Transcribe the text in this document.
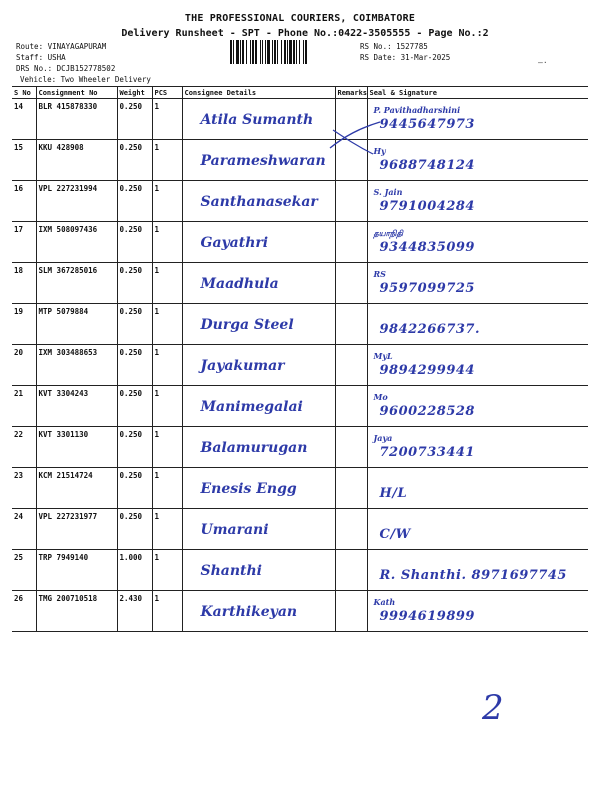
THE PROFESSIONAL COURIERS, COIMBATORE
Delivery Runsheet - SPT - Phone No.:0422-3505555 - Page No.:2
Route: VINAYAGAPURAM
Staff: USHA
DRS No.: DCJB152778502
Vehicle: Two Wheeler Delivery
RS No.: 1527785
RS Date: 31-Mar-2025
–·
S No	Consignment No	Weight	PCS	Consignee Details	Remarks	Seal & Signature
14	BLR 415878330	0.250	1	Atila Sumanth		P. Pavithadharshini
9445647973

15	KKU 428908	0.250	1	Parameshwaran		Hy
9688748124

16	VPL 227231994	0.250	1	Santhanasekar		S. Jain
9791004284

17	IXM 508097436	0.250	1	Gayathri		தயாநிதி
9344835099

18	SLM 367285016	0.250	1	Maadhula		RS
9597099725

19	MTP 5079884	0.250	1	Durga Steel		9842266737.

20	IXM 303488653	0.250	1	Jayakumar		MyL
9894299944

21	KVT 3304243	0.250	1	Manimegalai		Mo
9600228528

22	KVT 3301130	0.250	1	Balamurugan		Jaya
7200733441

23	KCM 21514724	0.250	1	Enesis Engg		H/L

24	VPL 227231977	0.250	1	Umarani		C/W

25	TRP 7949140	1.000	1	Shanthi		R. Shanthi. 8971697745

26	TMG 200710518	2.430	1	Karthikeyan		Kath
9994619899
2
